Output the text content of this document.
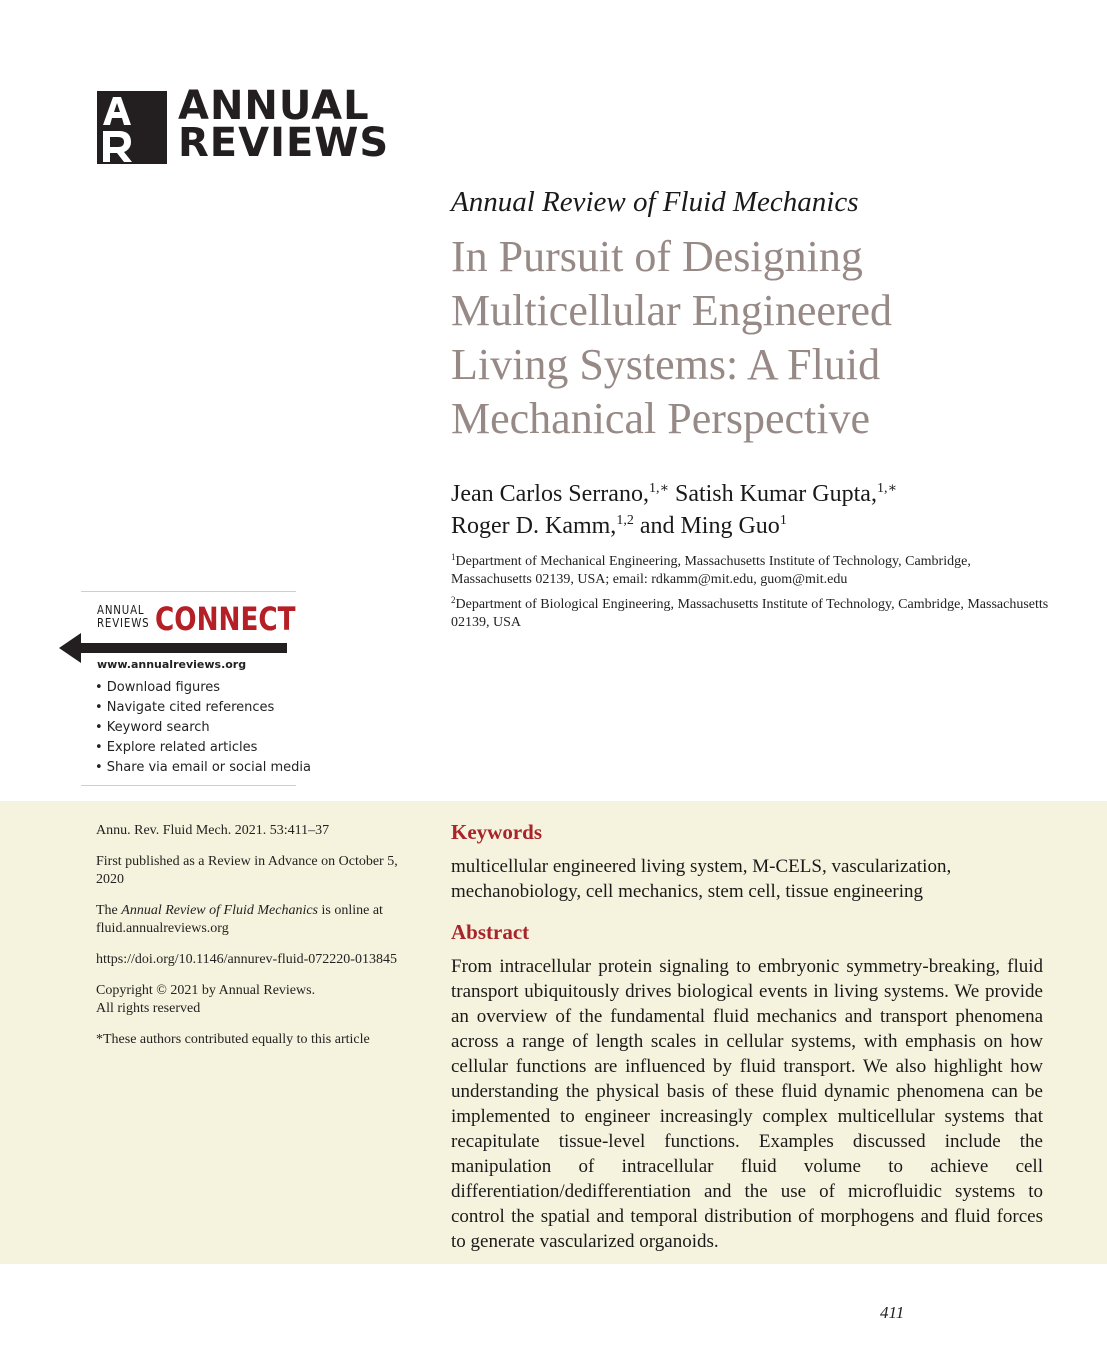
ANNUAL
REVIEWS
Annual Review of Fluid Mechanics
In Pursuit of Designing
Multicellular Engineered
Living Systems: A Fluid
Mechanical Perspective
Jean Carlos Serrano,$^{1,∗}$ Satish Kumar Gupta,$^{1,∗}$
Roger D. Kamm,$^{1,2}$ and Ming Guo$^1$
$^1$Department of Mechanical Engineering, Massachusetts Institute of Technology, Cambridge, Massachusetts 02139, USA; email: rdkamm@mit.edu, guom@mit.edu
$^2$Department of Biological Engineering, Massachusetts Institute of Technology, Cambridge, Massachusetts 02139, USA
ANNUAL
REVIEWS CONNECT
www.annualreviews.org
• Download figures
• Navigate cited references
• Keyword search
• Explore related articles
• Share via email or social media

Annu. Rev. Fluid Mech. 2021. 53:411–37

First published as a Review in Advance on October 5, 2020

The Annual Review of Fluid Mechanics is online at fluid.annualreviews.org

https://doi.org/10.1146/annurev-fluid-072220-013845

Copyright © 2021 by Annual Reviews.
All rights reserved

*These authors contributed equally to this article

Keywords
multicellular engineered living system, M-CELS, vascularization, mechanobiology, cell mechanics, stem cell, tissue engineering
Abstract
From intracellular protein signaling to embryonic symmetry-breaking, fluid transport ubiquitously drives biological events in living systems. We provide an overview of the fundamental fluid mechanics and transport phenomena across a range of length scales in cellular systems, with emphasis on how cellular functions are influenced by fluid transport. We also highlight how understanding the physical basis of these fluid dynamic phenomena can be implemented to engineer increasingly complex multicellular systems that recapitulate tissue-level functions. Examples discussed include the manipulation of intracellular fluid volume to achieve cell differentiation/dedifferentiation and the use of microfluidic systems to control the spatial and temporal distribution of morphogens and fluid forces to generate vascularized organoids.
411
